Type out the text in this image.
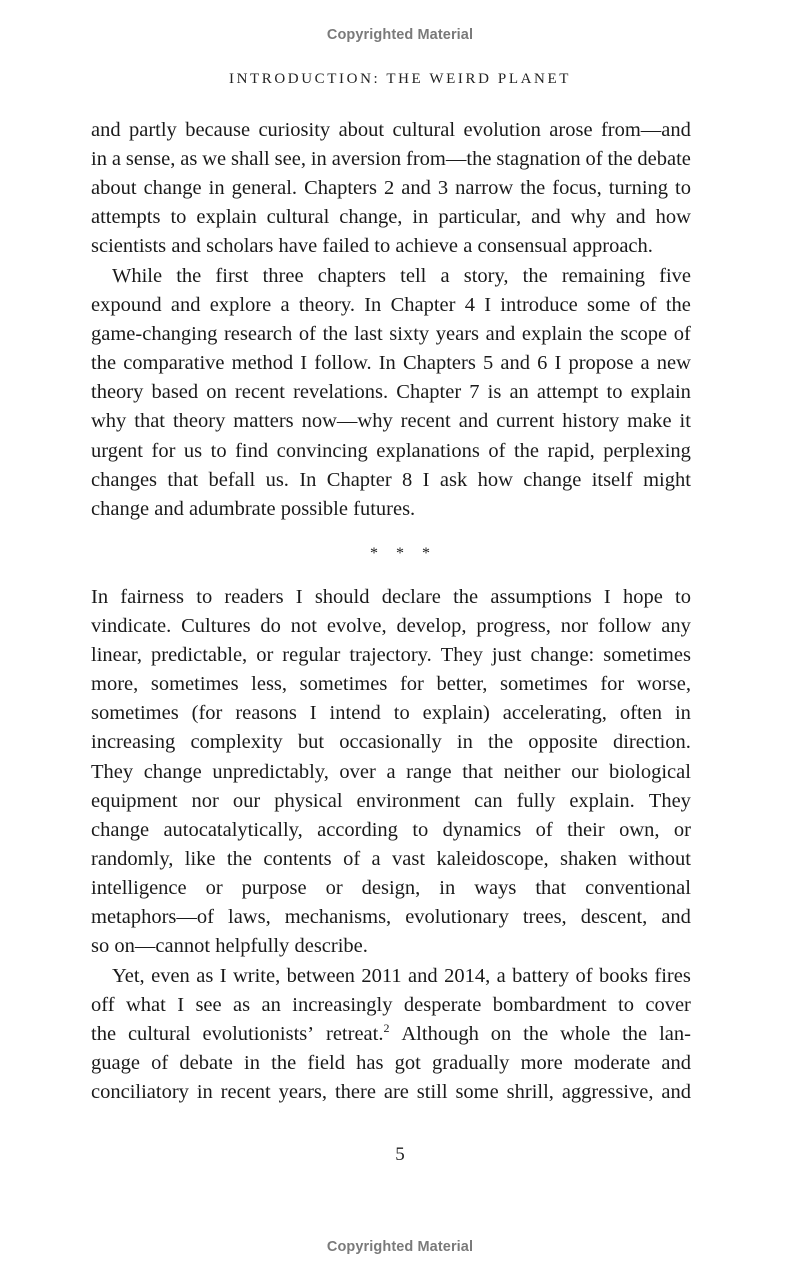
Copyrighted Material
INTRODUCTION: THE WEIRD PLANET
and partly because curiosity about cultural evolution arose from—and
in a sense, as we shall see, in aversion from—the stagnation of the debate
about change in general. Chapters 2 and 3 narrow the focus, turning to
attempts to explain cultural change, in particular, and why and how
scientists and scholars have failed to achieve a consensual approach.
While the first three chapters tell a story, the remaining five
expound and explore a theory. In Chapter 4 I introduce some of the
game-changing research of the last sixty years and explain the scope of
the comparative method I follow. In Chapters 5 and 6 I propose a new
theory based on recent revelations. Chapter 7 is an attempt to explain
why that theory matters now—why recent and current history make it
urgent for us to find convincing explanations of the rapid, perplexing
changes that befall us. In Chapter 8 I ask how change itself might
change and adumbrate possible futures.
* * *
In fairness to readers I should declare the assumptions I hope to
vindicate. Cultures do not evolve, develop, progress, nor follow any
linear, predictable, or regular trajectory. They just change: sometimes
more, sometimes less, sometimes for better, sometimes for worse,
sometimes (for reasons I intend to explain) accelerating, often in
increasing complexity but occasionally in the opposite direction.
They change unpredictably, over a range that neither our biological
equipment nor our physical environment can fully explain. They
change autocatalytically, according to dynamics of their own, or
randomly, like the contents of a vast kaleidoscope, shaken without
intelligence or purpose or design, in ways that conventional
metaphors—of laws, mechanisms, evolutionary trees, descent, and
so on—cannot helpfully describe.
Yet, even as I write, between 2011 and 2014, a battery of books fires
off what I see as an increasingly desperate bombardment to cover
the cultural evolutionists’ retreat.$^2$ Although on the whole the lan-
guage of debate in the field has got gradually more moderate and
conciliatory in recent years, there are still some shrill, aggressive, and
5
Copyrighted Material
